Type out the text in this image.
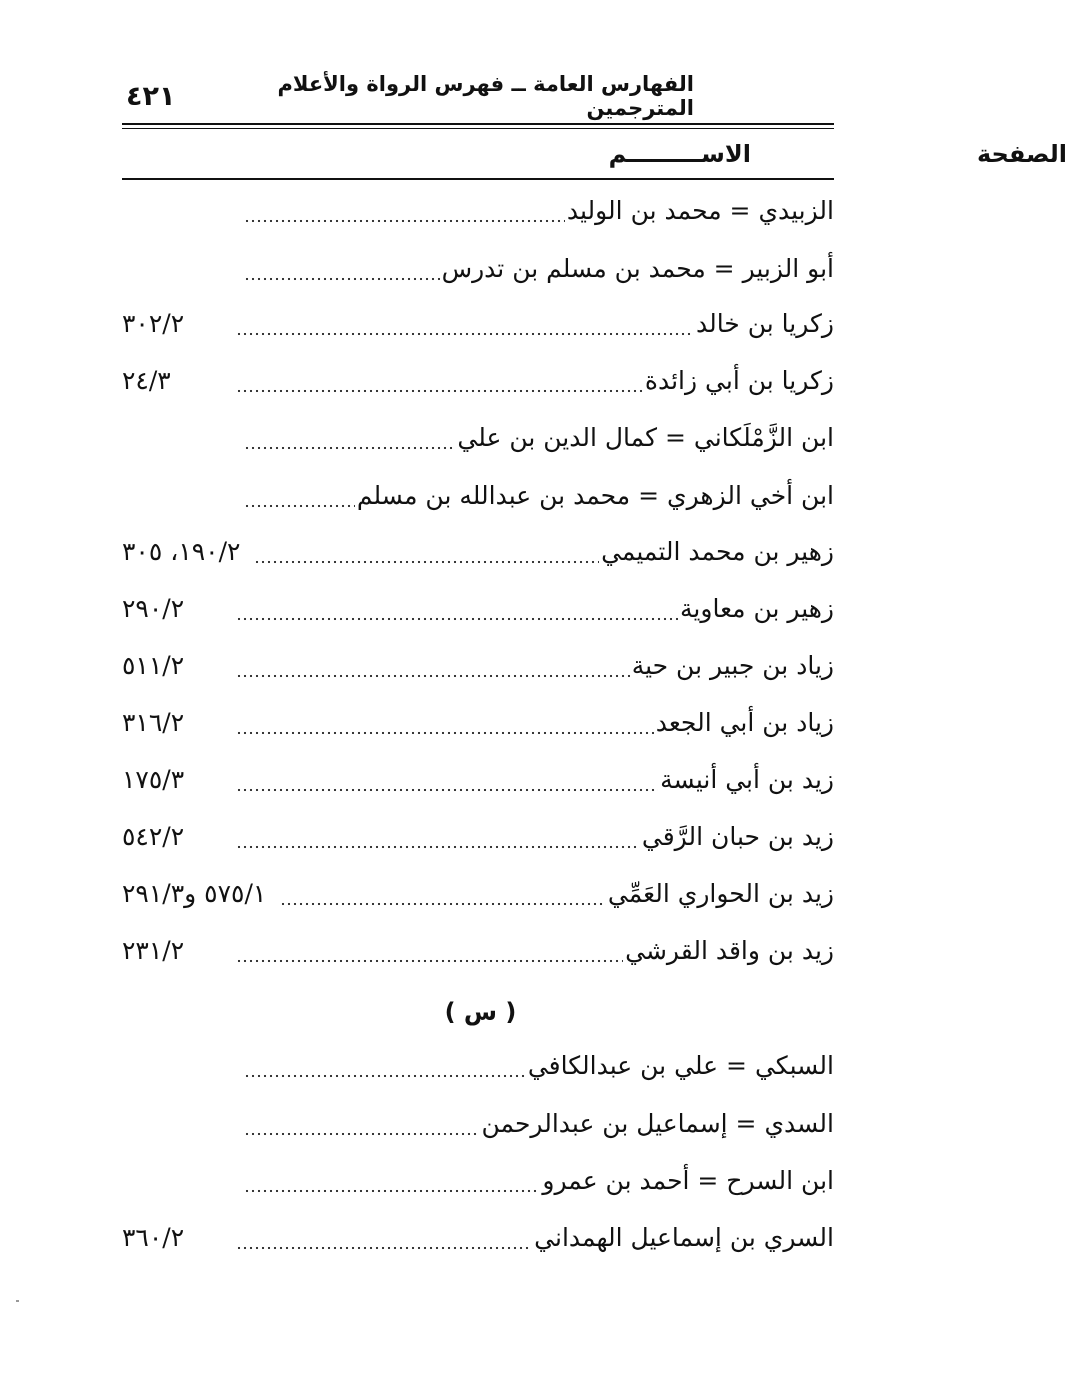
٤٢١	الفهارس العامة ــ فهرس الرواة والأعلام المترجمين
الاســـــــــم	الصفحة
الزبيدي = محمد بن الوليد
أبو الزبير = محمد بن مسلم بن تدرس
زكريا بن خالد
٣٠٢/٢
زكريا بن أبي زائدة
٢٤/٣
ابن الزَّمْلَكاني = كمال الدين بن علي
ابن أخي الزهري = محمد بن عبدالله بن مسلم
زهير بن محمد التميمي
١٩٠/٢، ٣٠٥
زهير بن معاوية
٢٩٠/٢
زياد بن جبير بن حية
٥١١/٢
زياد بن أبي الجعد
٣١٦/٢
زيد بن أبي أنيسة
١٧٥/٣
زيد بن حبان الرَّقي
٥٤٢/٢
زيد بن الحواري العَمِّي
٥٧٥/١ و٢٩١/٣
زيد بن واقد القرشي
٢٣١/٢
( س )
السبكي = علي بن عبدالكافي
السدي = إسماعيل بن عبدالرحمن
ابن السرح = أحمد بن عمرو
السري بن إسماعيل الهمداني
٣٦٠/٢
